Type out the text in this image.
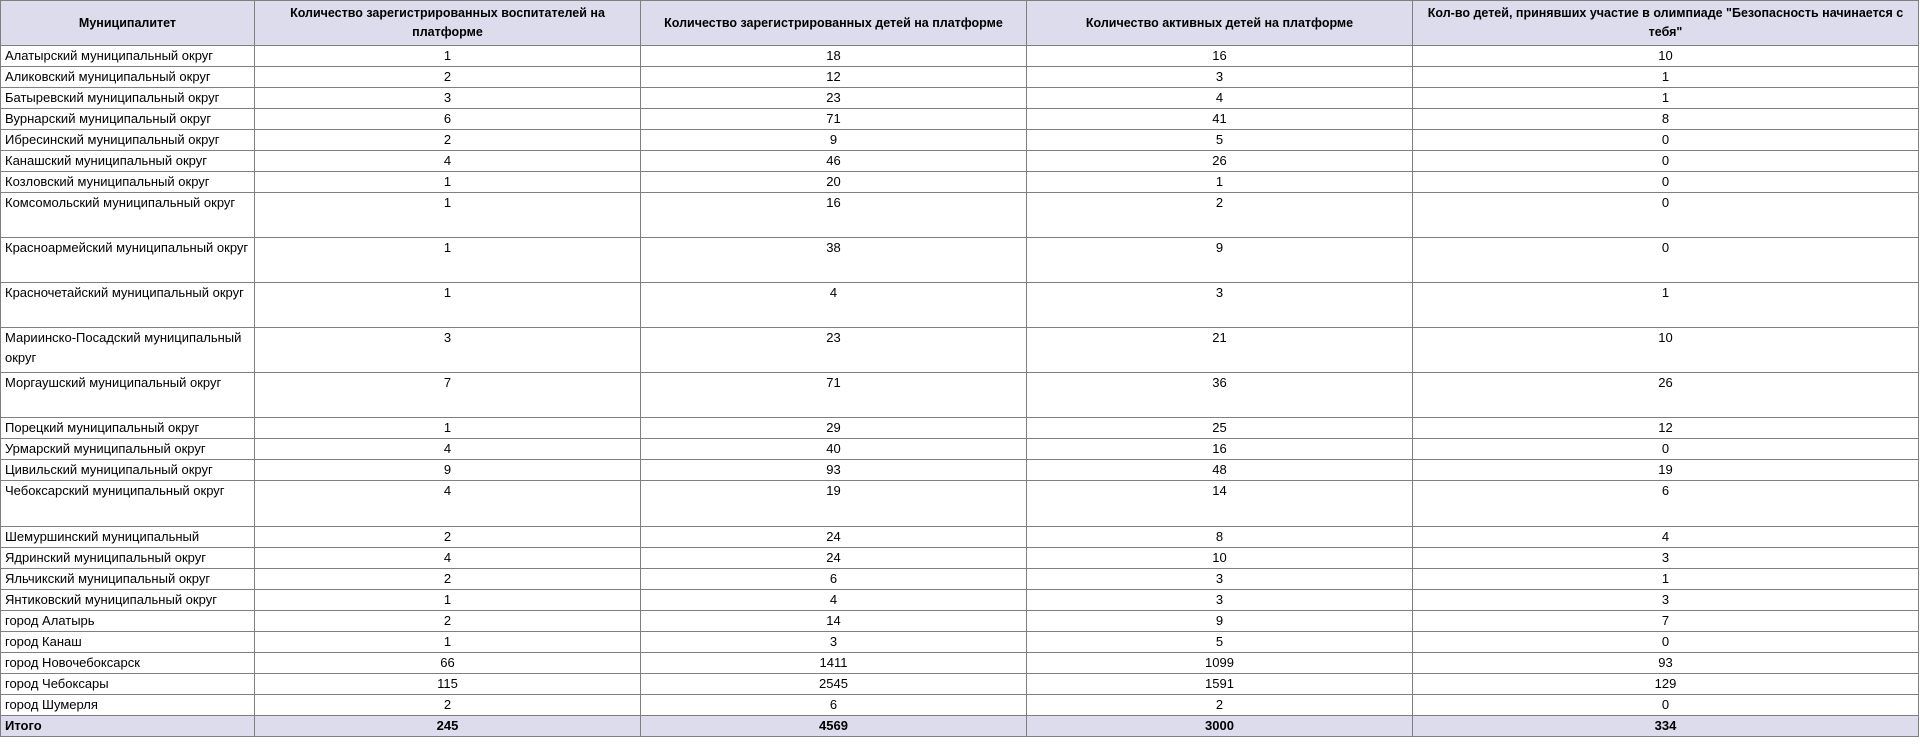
Муниципалитет	Количество зарегистрированных воспитателей на платформе	Количество зарегистрированных детей на платформе	Количество активных детей на платформе	Кол-во детей, принявших участие в олимпиаде "Безопасность начинается с тебя"
Алатырский муниципальный округ	1	18	16	10
Аликовский муниципальный округ	2	12	3	1
Батыревский муниципальный округ	3	23	4	1
Вурнарский муниципальный округ	6	71	41	8
Ибресинский муниципальный округ	2	9	5	0
Канашский муниципальный округ	4	46	26	0
Козловский муниципальный округ	1	20	1	0
Комсомольский муниципальный округ	1	16	2	0
Красноармейский муниципальный округ	1	38	9	0
Красночетайский муниципальный округ	1	4	3	1
Мариинско-Посадский муниципальный округ	3	23	21	10
Моргаушский муниципальный округ	7	71	36	26
Порецкий муниципальный округ	1	29	25	12
Урмарский муниципальный округ	4	40	16	0
Цивильский муниципальный округ	9	93	48	19
Чебоксарский муниципальный округ	4	19	14	6
Шемуршинский муниципальный	2	24	8	4
Ядринский муниципальный округ	4	24	10	3
Яльчикский муниципальный округ	2	6	3	1
Янтиковский муниципальный округ	1	4	3	3
город Алатырь	2	14	9	7
город Канаш	1	3	5	0
город Новочебоксарск	66	1411	1099	93
город Чебоксары	115	2545	1591	129
город Шумерля	2	6	2	0
Итого	245	4569	3000	334
